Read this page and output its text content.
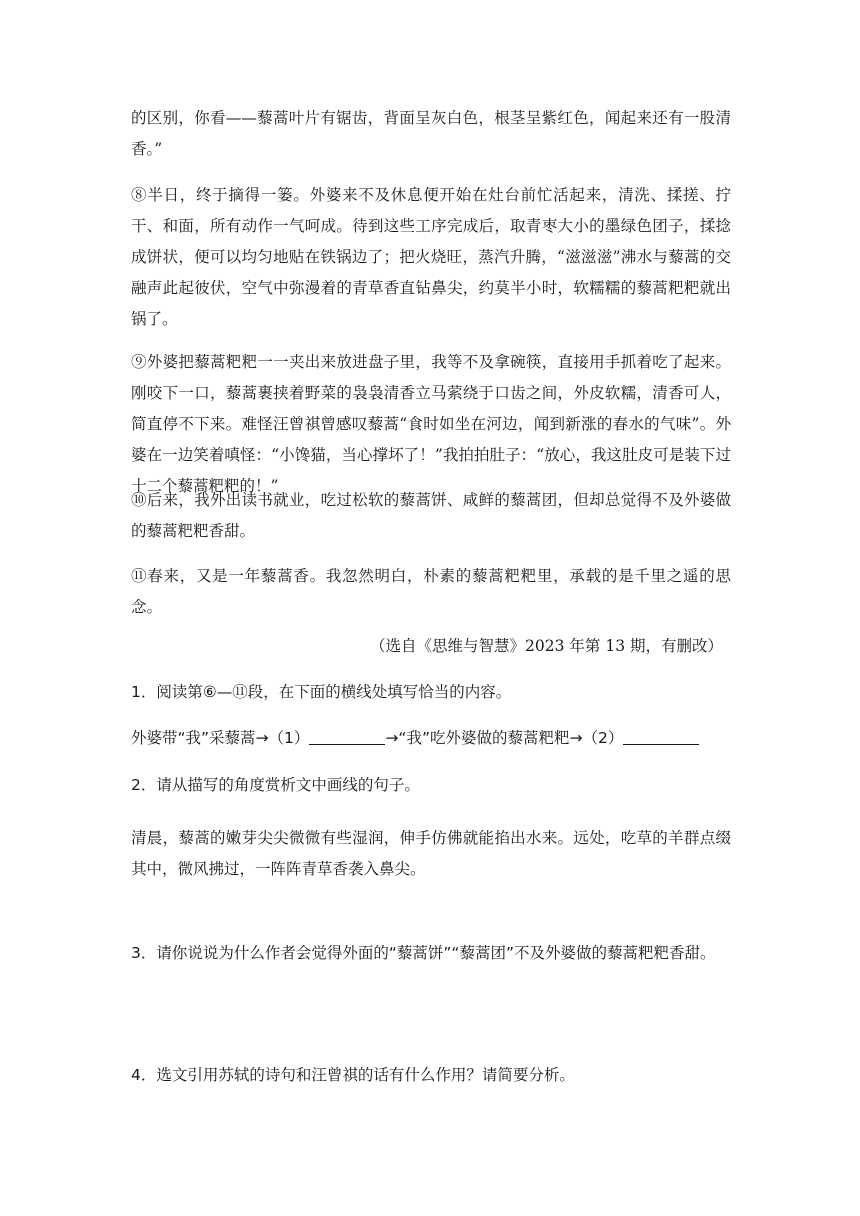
的区别，你看——藜蒿叶片有锯齿，背面呈灰白色，根茎呈紫红色，闻起来还有一股清香。”

⑧半日，终于摘得一篓。外婆来不及休息便开始在灶台前忙活起来，清洗、揉搓、拧干、和面，所有动作一气呵成。待到这些工序完成后，取青枣大小的墨绿色团子，揉捻成饼状，便可以均匀地贴在铁锅边了；把火烧旺，蒸汽升腾，“滋滋滋”沸水与藜蒿的交融声此起彼伏，空气中弥漫着的青草香直钻鼻尖，约莫半小时，软糯糯的藜蒿粑粑就出锅了。

⑨外婆把藜蒿粑粑一一夹出来放进盘子里，我等不及拿碗筷，直接用手抓着吃了起来。刚咬下一口，藜蒿裹挟着野菜的袅袅清香立马萦绕于口齿之间，外皮软糯，清香可人，简直停不下来。难怪汪曾祺曾感叹藜蒿“食时如坐在河边，闻到新涨的春水的气味”。外婆在一边笑着嗔怪：“小馋猫，当心撑坏了！”我拍拍肚子：“放心，我这肚皮可是装下过十二个藜蒿粑粑的！”

⑩后来，我外出读书就业，吃过松软的藜蒿饼、咸鲜的藜蒿团，但却总觉得不及外婆做的藜蒿粑粑香甜。

⑪春来，又是一年藜蒿香。我忽然明白，朴素的藜蒿粑粑里，承载的是千里之遥的思念。

（选自《思维与智慧》2023 年第 13 期，有删改）

1．阅读第⑥—⑪段，在下面的横线处填写恰当的内容。

外婆带“我”采藜蒿→（1）	→“我”吃外婆做的藜蒿粑粑→（2）

2．请从描写的角度赏析文中画线的句子。

清晨，藜蒿的嫩芽尖尖微微有些湿润，伸手仿佛就能掐出水来。远处，吃草的羊群点缀其中，微风拂过，一阵阵青草香袭入鼻尖。

3．请你说说为什么作者会觉得外面的“藜蒿饼”“藜蒿团”不及外婆做的藜蒿粑粑香甜。

4．选文引用苏轼的诗句和汪曾祺的话有什么作用？请简要分析。
